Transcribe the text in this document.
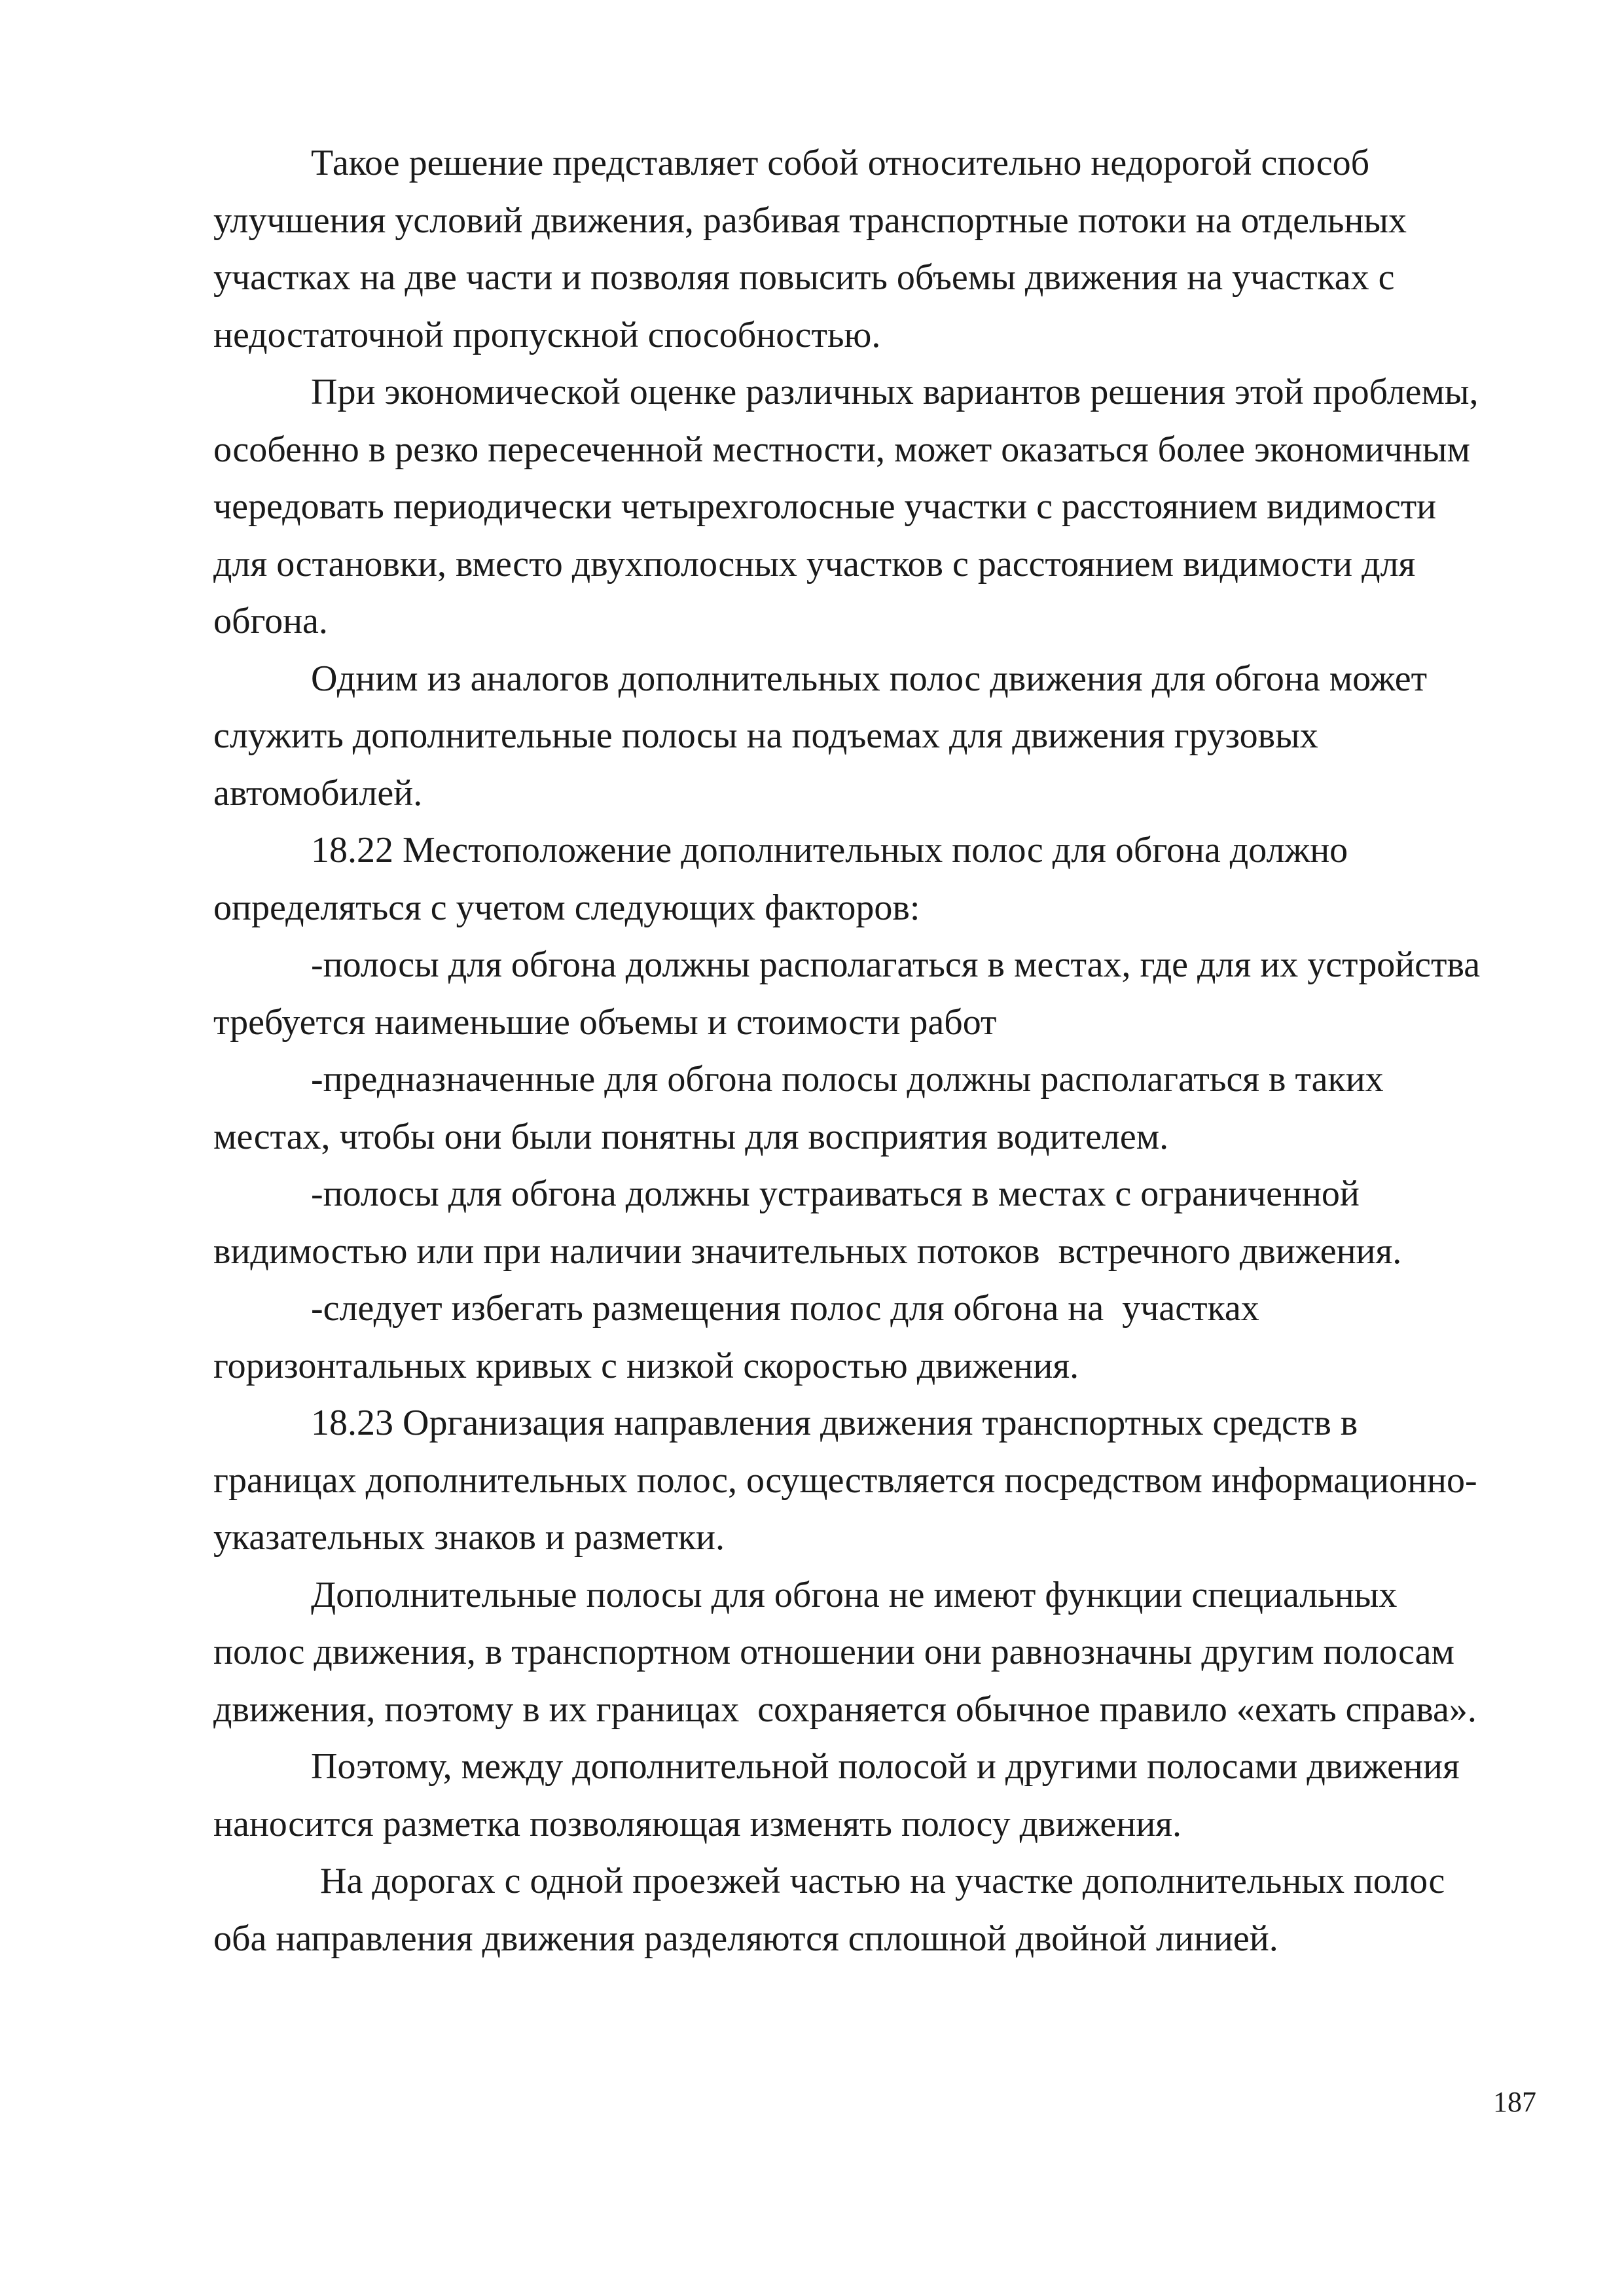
Такое решение представляет собой относительно недорогой способ
улучшения условий движения, разбивая транспортные потоки на отдельных
участках на две части и позволяя повысить объемы движения на участках с
недостаточной пропускной способностью.
При экономической оценке различных вариантов решения этой проблемы,
особенно в резко пересеченной местности, может оказаться более экономичным
чередовать периодически четырехголосные участки с расстоянием видимости
для остановки, вместо двухполосных участков с расстоянием видимости для
обгона.
Одним из аналогов дополнительных полос движения для обгона может
служить дополнительные полосы на подъемах для движения грузовых
автомобилей.
18.22 Местоположение дополнительных полос для обгона должно
определяться с учетом следующих факторов:
-полосы для обгона должны располагаться в местах, где для их устройства
требуется наименьшие объемы и стоимости работ
-предназначенные для обгона полосы должны располагаться в таких
местах, чтобы они были понятны для восприятия водителем.
-полосы для обгона должны устраиваться в местах с ограниченной
видимостью или при наличии значительных потоков  встречного движения.
-следует избегать размещения полос для обгона на  участках
горизонтальных кривых с низкой скоростью движения.
18.23 Организация направления движения транспортных средств в
границах дополнительных полос, осуществляется посредством информационно-
указательных знаков и разметки.
Дополнительные полосы для обгона не имеют функции специальных
полос движения, в транспортном отношении они равнозначны другим полосам
движения, поэтому в их границах  сохраняется обычное правило «ехать справа».
Поэтому, между дополнительной полосой и другими полосами движения
наносится разметка позволяющая изменять полосу движения.
На дорогах с одной проезжей частью на участке дополнительных полос
оба направления движения разделяются сплошной двойной линией.
187
